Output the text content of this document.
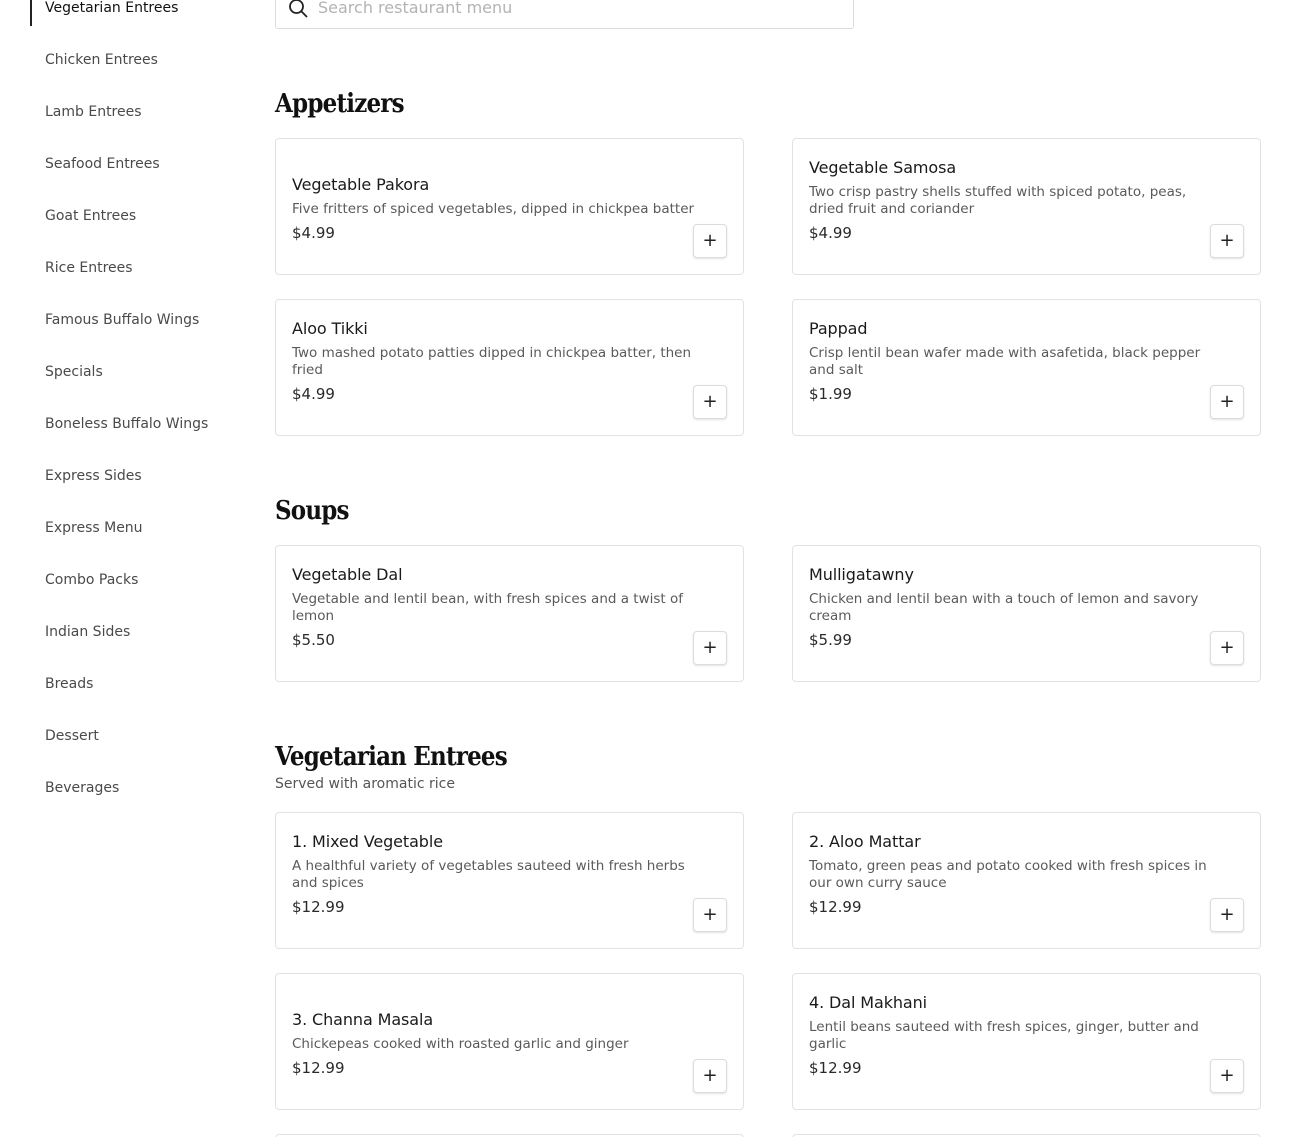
Vegetarian Entrees
Chicken Entrees
Lamb Entrees
Seafood Entrees
Goat Entrees
Rice Entrees
Famous Buffalo Wings
Specials
Boneless Buffalo Wings
Express Sides
Express Menu
Combo Packs
Indian Sides
Breads
Dessert
Beverages
Search restaurant menu
Appetizers
Vegetable Pakora
Five fritters of spiced vegetables, dipped in chickpea batter
$4.99	+
Vegetable Samosa
Two crisp pastry shells stuffed with spiced potato, peas, dried fruit and coriander
$4.99	+
Aloo Tikki
Two mashed potato patties dipped in chickpea batter, then fried
$4.99	+
Pappad
Crisp lentil bean wafer made with asafetida, black pepper and salt
$1.99	+
Soups
Vegetable Dal
Vegetable and lentil bean, with fresh spices and a twist of lemon
$5.50	+
Mulligatawny
Chicken and lentil bean with a touch of lemon and savory cream
$5.99	+
Vegetarian Entrees
Served with aromatic rice
1. Mixed Vegetable
A healthful variety of vegetables sauteed with fresh herbs and spices
$12.99	+
2. Aloo Mattar
Tomato, green peas and potato cooked with fresh spices in our own curry sauce
$12.99	+
3. Channa Masala
Chickepeas cooked with roasted garlic and ginger
$12.99	+
4. Dal Makhani
Lentil beans sauteed with fresh spices, ginger, butter and garlic
$12.99	+
